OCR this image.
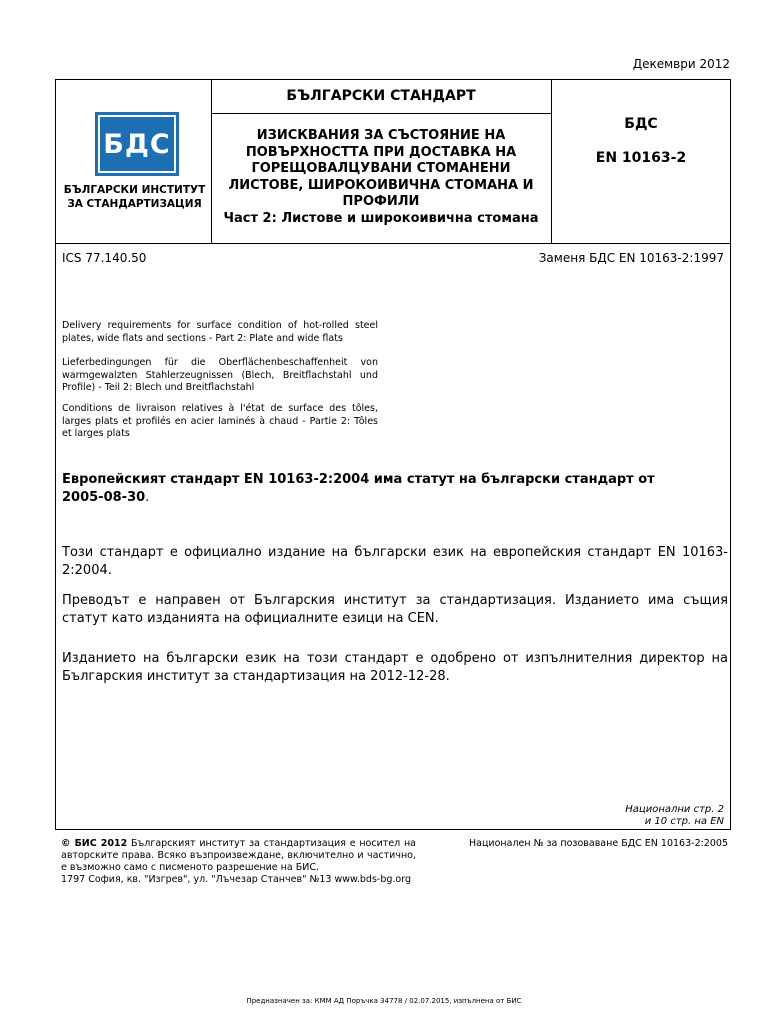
Декември 2012
БДС
БЪЛГАРСКИ ИНСТИТУТ
ЗА СТАНДАРТИЗАЦИЯ
БЪЛГАРСКИ СТАНДАРТ
ИЗИСКВАНИЯ ЗА СЪСТОЯНИЕ НА
ПОВЪРХНОСТТА ПРИ ДОСТАВКА НА
ГОРЕЩОВАЛЦУВАНИ СТОМАНЕНИ
ЛИСТОВЕ, ШИРОКОИВИЧНА СТОМАНА И
ПРОФИЛИ
Част 2: Листове и широкоивична стомана
БДС
EN 10163-2
ICS 77.140.50	Заменя БДС EN 10163-2:1997
Delivery requirements for surface condition of hot-rolled steel plates, wide flats and sections - Part 2: Plate and wide flats
Lieferbedingungen für die Oberflächenbeschaffenheit von warmgewalzten Stahlerzeugnissen (Blech, Breitflachstahl und Profile) - Teil 2: Blech und Breitflachstahl
Conditions de livraison relatives à l'état de surface des tôles, larges plats et profilés en acier laminés à chaud - Partie 2: Tôles et larges plats
Европейският стандарт EN 10163-2:2004 има статут на български стандарт от 2005-08-30.
Този стандарт е официално издание на български език на европейския стандарт EN 10163-2:2004.
Преводът е направен от Българския институт за стандартизация. Изданието има същия статут като изданията на официалните езици на CEN.
Изданието на български език на този стандарт е одобрено от изпълнителния директор на Българския институт за стандартизация на 2012-12-28.
Национални стр. 2
и 10 стр. на EN
© БИС 2012 Българският институт за стандартизация е носител на авторските права. Всяко възпроизвеждане, включително и частично, е възможно само с писменото разрешение на БИС.
1797 София, кв. "Изгрев", ул. "Лъчезар Станчев" №13 www.bds-bg.org
Национален № за позоваване БДС EN 10163-2:2005
Предназначен за: КММ АД Поръчка 34778 / 02.07.2015, изпълнена от БИС
